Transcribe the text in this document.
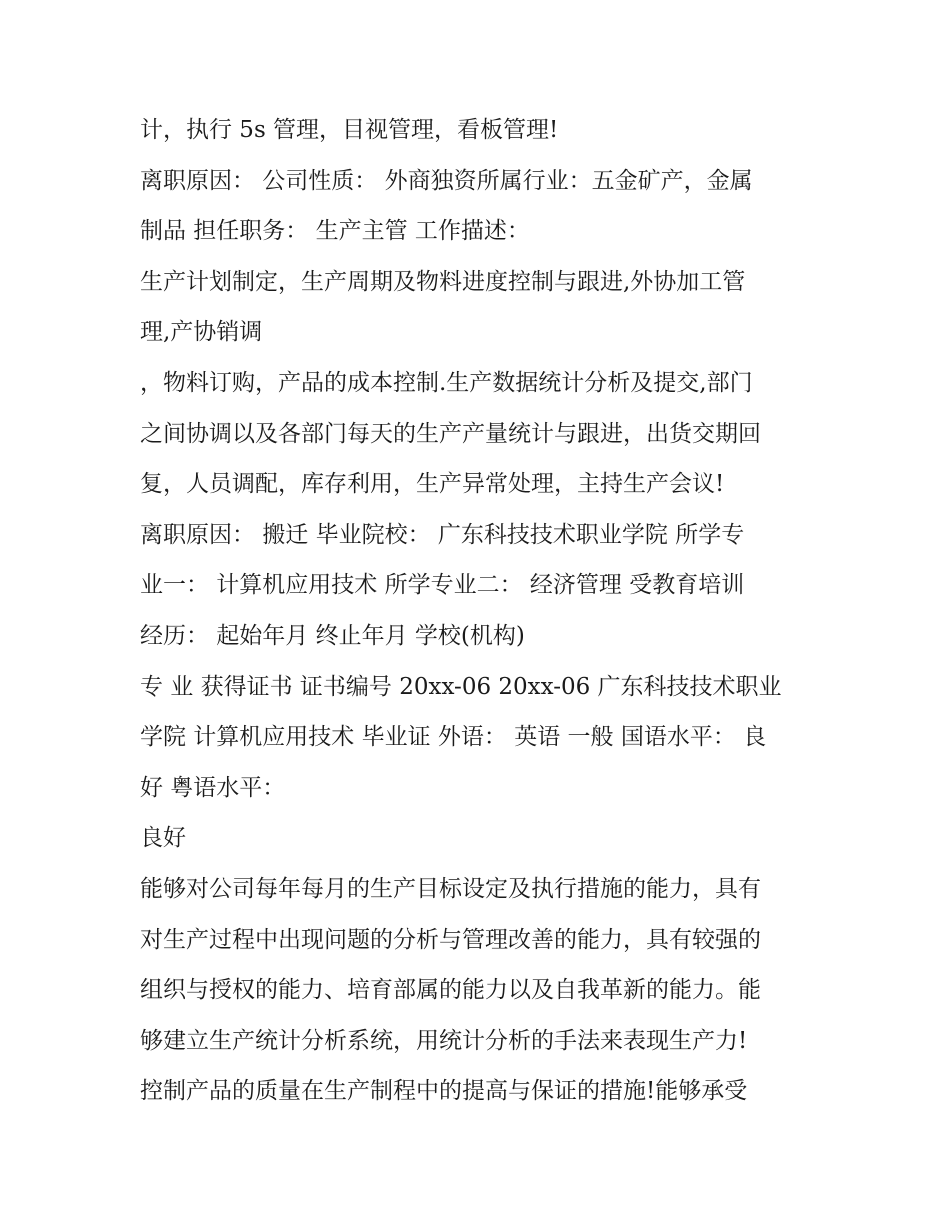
计，执行 5s 管理，目视管理，看板管理!
离职原因： 公司性质： 外商独资所属行业：五金矿产，金属
制品 担任职务： 生产主管 工作描述：
生产计划制定，生产周期及物料进度控制与跟进,外协加工管
理,产协销调
，物料订购，产品的成本控制.生产数据统计分析及提交,部门
之间协调以及各部门每天的生产产量统计与跟进，出货交期回
复，人员调配，库存利用，生产异常处理，主持生产会议!
离职原因： 搬迁 毕业院校： 广东科技技术职业学院 所学专
业一： 计算机应用技术 所学专业二： 经济管理 受教育培训
经历： 起始年月 终止年月 学校(机构)
专 业 获得证书 证书编号 20xx-06 20xx-06 广东科技技术职业
学院 计算机应用技术 毕业证 外语： 英语 一般 国语水平： 良
好 粤语水平：
良好
能够对公司每年每月的生产目标设定及执行措施的能力，具有
对生产过程中出现问题的分析与管理改善的能力，具有较强的
组织与授权的能力、培育部属的能力以及自我革新的能力。能
够建立生产统计分析系统，用统计分析的手法来表现生产力!
控制产品的质量在生产制程中的提高与保证的措施!能够承受
